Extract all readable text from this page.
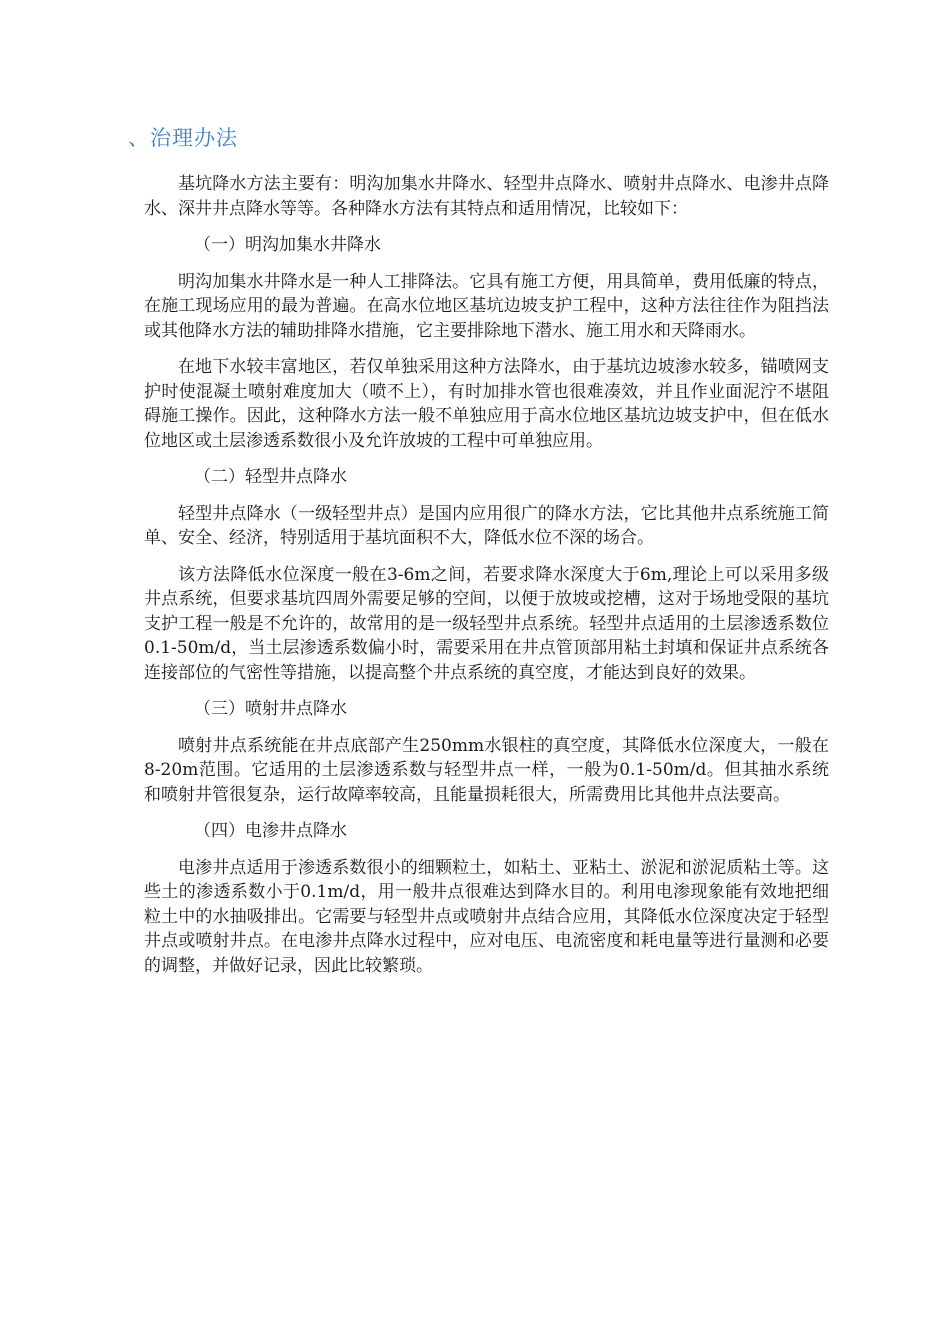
、治理办法

基坑降水方法主要有：明沟加集水井降水、轻型井点降水、喷射井点降水、电渗井点降水、深井井点降水等等。各种降水方法有其特点和适用情况，比较如下：

（一）明沟加集水井降水

明沟加集水井降水是一种人工排降法。它具有施工方便，用具简单，费用低廉的特点，在施工现场应用的最为普遍。在高水位地区基坑边坡支护工程中，这种方法往往作为阻挡法或其他降水方法的辅助排降水措施，它主要排除地下潜水、施工用水和天降雨水。

在地下水较丰富地区，若仅单独采用这种方法降水，由于基坑边坡渗水较多，锚喷网支护时使混凝土喷射难度加大（喷不上），有时加排水管也很难凑效，并且作业面泥泞不堪阻碍施工操作。因此，这种降水方法一般不单独应用于高水位地区基坑边坡支护中，但在低水位地区或土层渗透系数很小及允许放坡的工程中可单独应用。

（二）轻型井点降水

轻型井点降水（一级轻型井点）是国内应用很广的降水方法，它比其他井点系统施工简单、安全、经济，特别适用于基坑面积不大，降低水位不深的场合。

该方法降低水位深度一般在3-6m之间，若要求降水深度大于6m,理论上可以采用多级井点系统，但要求基坑四周外需要足够的空间，以便于放坡或挖槽，这对于场地受限的基坑支护工程一般是不允许的，故常用的是一级轻型井点系统。轻型井点适用的土层渗透系数位0.1-50m/d，当土层渗透系数偏小时，需要采用在井点管顶部用粘土封填和保证井点系统各连接部位的气密性等措施，以提高整个井点系统的真空度，才能达到良好的效果。

（三）喷射井点降水

喷射井点系统能在井点底部产生250mm水银柱的真空度，其降低水位深度大，一般在8-20m范围。它适用的土层渗透系数与轻型井点一样，一般为0.1-50m/d。但其抽水系统和喷射井管很复杂，运行故障率较高，且能量损耗很大，所需费用比其他井点法要高。

（四）电渗井点降水

电渗井点适用于渗透系数很小的细颗粒土，如粘土、亚粘土、淤泥和淤泥质粘土等。这些土的渗透系数小于0.1m/d，用一般井点很难达到降水目的。利用电渗现象能有效地把细粒土中的水抽吸排出。它需要与轻型井点或喷射井点结合应用，其降低水位深度决定于轻型井点或喷射井点。在电渗井点降水过程中，应对电压、电流密度和耗电量等进行量测和必要的调整，并做好记录，因此比较繁琐。
